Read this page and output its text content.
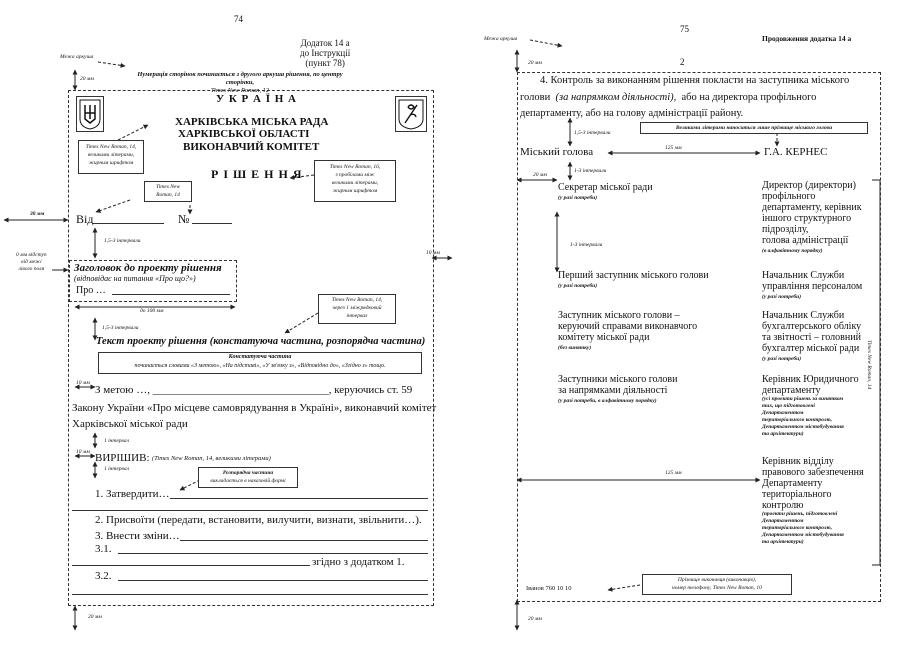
74
Додаток 14 а
до Інструкції
(пункт 78)
Межа аркуша
20 мм
Нумерація сторінок починається з другого аркуша рішення, по центру сторінки,
Times New Roman, 12
У К Р А Ї Н А
ХАРКІВСЬКА МІСЬКА РАДА
ХАРКІВСЬКОЇ ОБЛАСТІ
ВИКОНАВЧИЙ КОМІТЕТ
Р І Ш Е Н Н Я
Times New Roman, 14,
великими літерами,
жирним шрифтом
Times New Roman, 16,
з пробілами між
великими літерами,
жирним шрифтом
Times New
Roman, 14
30 мм
10 мм
0 мм відступ
від межі
лівого поля
Від	№
1,5-3 інтервали
Заголовок до проекту рішення
(відповідає на питання «Про що?»)
Про …
до 100 мм
Times New Roman, 14,
через 1 міжрядковий
інтервал
1,5-3 інтервали
Текст проекту рішення (констатуюча частина, розпорядча частина)
Констатуюча частина
починається словами «З метою», «На підставі», «У зв'язку з», «Відповідно до», «Згідно з» тощо.
10 мм
З метою …, ________________________________, керуючись ст. 59
Закону України «Про місцеве самоврядування в Україні», виконавчий комітет
Харківської міської ради
1 інтервал
10 мм ВИРІШИВ: (Times New Roman, 14, великими літерами)
1 інтервал
Розпорядча частина
викладається в наказовій формі
1. Затвердити…
2. Присвоїти (передати, встановити, вилучити, визнати, звільнити…).
3. Внести зміни…
3.1.
згідно з додатком 1.
3.2.
20 мм
75
Продовження додатка 14 а
Межа аркуша
20 мм	2
4. Контроль за виконанням рішення покласти на заступника міського
голови (за напрямком діяльності), або на директора профільного
департаменту, або на голову адміністрації району.
1,5-3 інтервали
Великими літерами наноситься лише прізвище міського голови
Міський голова	125 мм	Г.А. КЕРНЕС
1-3 інтервали
20 мм
1-3 інтервали
Секретар міської ради
(у разі потреби)
Перший заступник міського голови
(у разі потреби)
Заступник міського голови –
керуючий справами виконавчого
комітету міської ради
(без винятку)
Заступники міського голови
за напрямками діяльності
(у разі потреби, в алфавітному порядку)
Директор (директори)
профільного
департаменту, керівник
іншого структурного
підрозділу,
голова адміністрації
(в алфавітному порядку)
Начальник Служби
управління персоналом
(у разі потреби)
Начальник Служби
бухгалтерського обліку
та звітності – головний
бухгалтер міської ради
(у разі потреби)
Керівник Юридичного
департаменту
(усі проекти рішень за винятком
тих, що підготовлені
Департаментом
територіального контролю,
Департаментом містобудування
та архітектури)
Керівник відділу
правового забезпечення
Департаменту
територіального
контролю
(проекти рішень, підготовлені
Департаментом
територіального контролю,
Департаментом містобудування
та архітектури)
125 мм
Прізвище виконавця (виконавців),
номер телефону, Times New Roman, 10
Іванов 760 10 10
20 мм
Times New Roman, 14
